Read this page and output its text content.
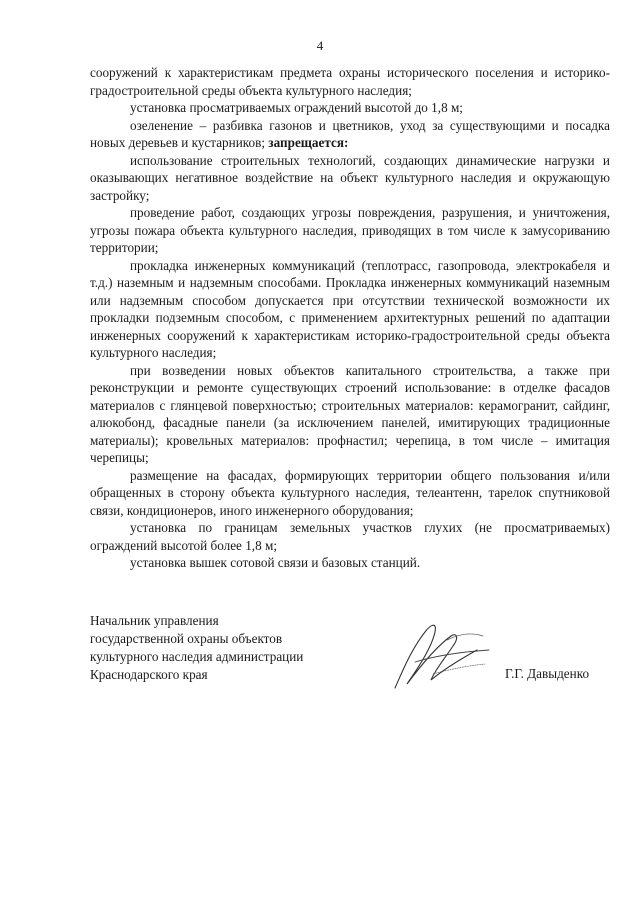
4

сооружений к характеристикам предмета охраны исторического поселения и историко-градостроительной среды объекта культурного наследия;

установка просматриваемых ограждений высотой до 1,8 м;

озеленение – разбивка газонов и цветников, уход за существующими и посадка новых деревьев и кустарников; запрещается:

использование строительных технологий, создающих динамические нагрузки и оказывающих негативное воздействие на объект культурного наследия и окружающую застройку;

проведение работ, создающих угрозы повреждения, разрушения, и уничтожения, угрозы пожара объекта культурного наследия, приводящих в том числе к замусориванию территории;

прокладка инженерных коммуникаций (теплотрасс, газопровода, электрокабеля и т.д.) наземным и надземным способами. Прокладка инженерных коммуникаций наземным или надземным способом допускается при отсутствии технической возможности их прокладки подземным способом, с применением архитектурных решений по адаптации инженерных сооружений к характеристикам историко-градостроительной среды объекта культурного наследия;

при возведении новых объектов капитального строительства, а также при реконструкции и ремонте существующих строений использование: в отделке фасадов материалов с глянцевой поверхностью; строительных материалов: керамогранит, сайдинг, алюкобонд, фасадные панели (за исключением панелей, имитирующих традиционные материалы); кровельных материалов: профнастил; черепица, в том числе – имитация черепицы;

размещение на фасадах, формирующих территории общего пользования и/или обращенных в сторону объекта культурного наследия, телеантенн, тарелок спутниковой связи, кондиционеров, иного инженерного оборудования;

установка по границам земельных участков глухих (не просматриваемых) ограждений высотой более 1,8 м;

установка вышек сотовой связи и базовых станций.

Начальник управления
государственной охраны объектов
культурного наследия администрации
Краснодарского края	Г.Г. Давыденко
